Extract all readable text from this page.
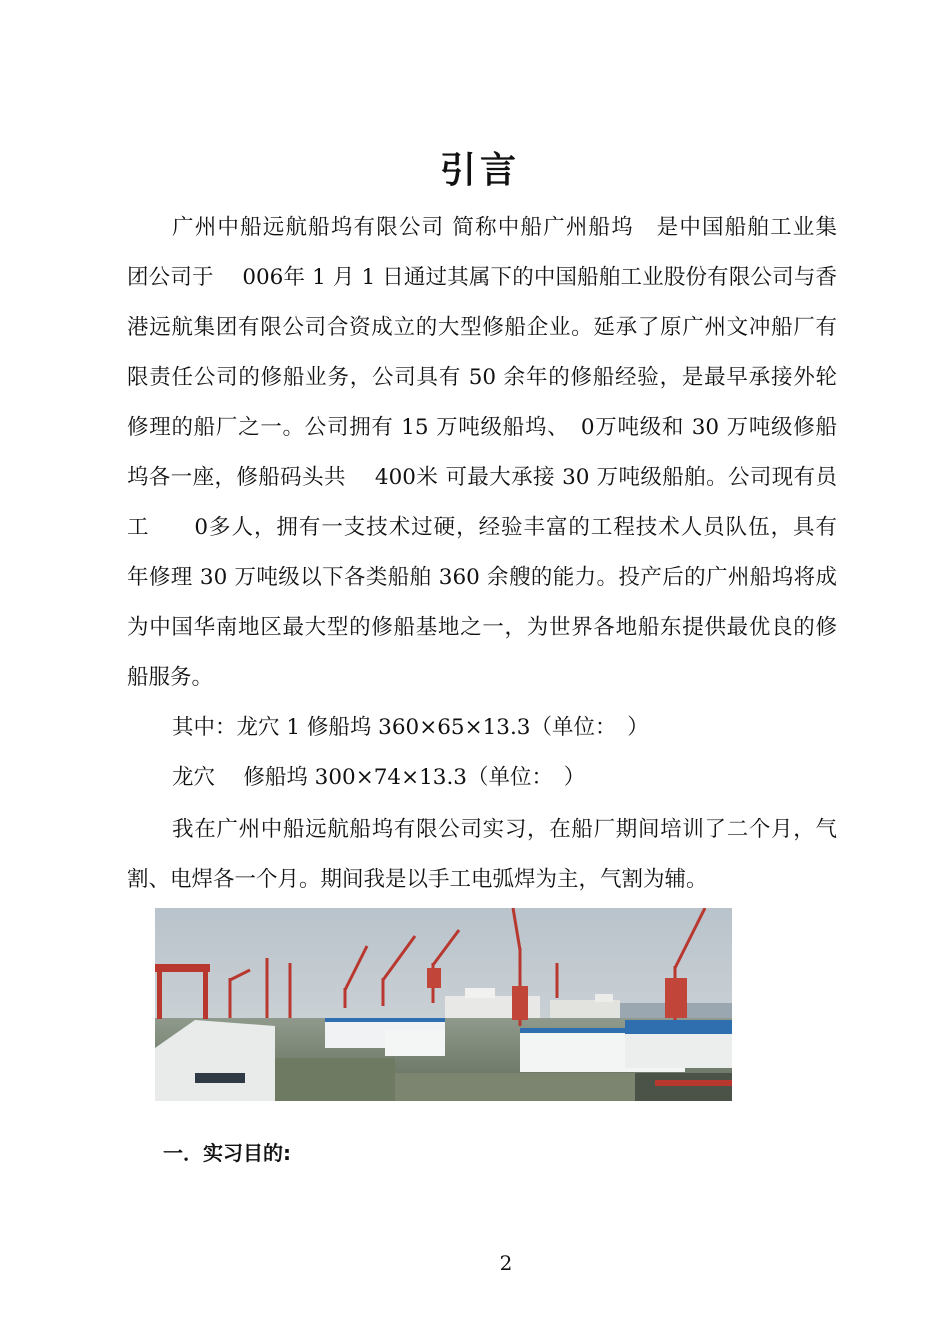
引言

广州中船远航船坞有限公司 简称中船广州船坞　是中国船舶工业集

团公司于　 006年 1 月 1 日通过其属下的中国船舶工业股份有限公司与香

港远航集团有限公司合资成立的大型修船企业。延承了原广州文冲船厂有

限责任公司的修船业务，公司具有 50 余年的修船经验，是最早承接外轮

修理的船厂之一。公司拥有 15 万吨级船坞、　0万吨级和 30 万吨级修船

坞各一座，修船码头共　 400米 可最大承接 30 万吨级船舶。公司现有员

工　　0多人，拥有一支技术过硬，经验丰富的工程技术人员队伍，具有

年修理 30 万吨级以下各类船舶 360 余艘的能力。投产后的广州船坞将成

为中国华南地区最大型的修船基地之一，为世界各地船东提供最优良的修

船服务。

其中：龙穴 1 修船坞 360×65×13.3（单位：　）

龙穴　 修船坞 300×74×13.3（单位：　）

我在广州中船远航船坞有限公司实习，在船厂期间培训了二个月，气

割、电焊各一个月。期间我是以手工电弧焊为主，气割为辅。

一．实习目的:

2
